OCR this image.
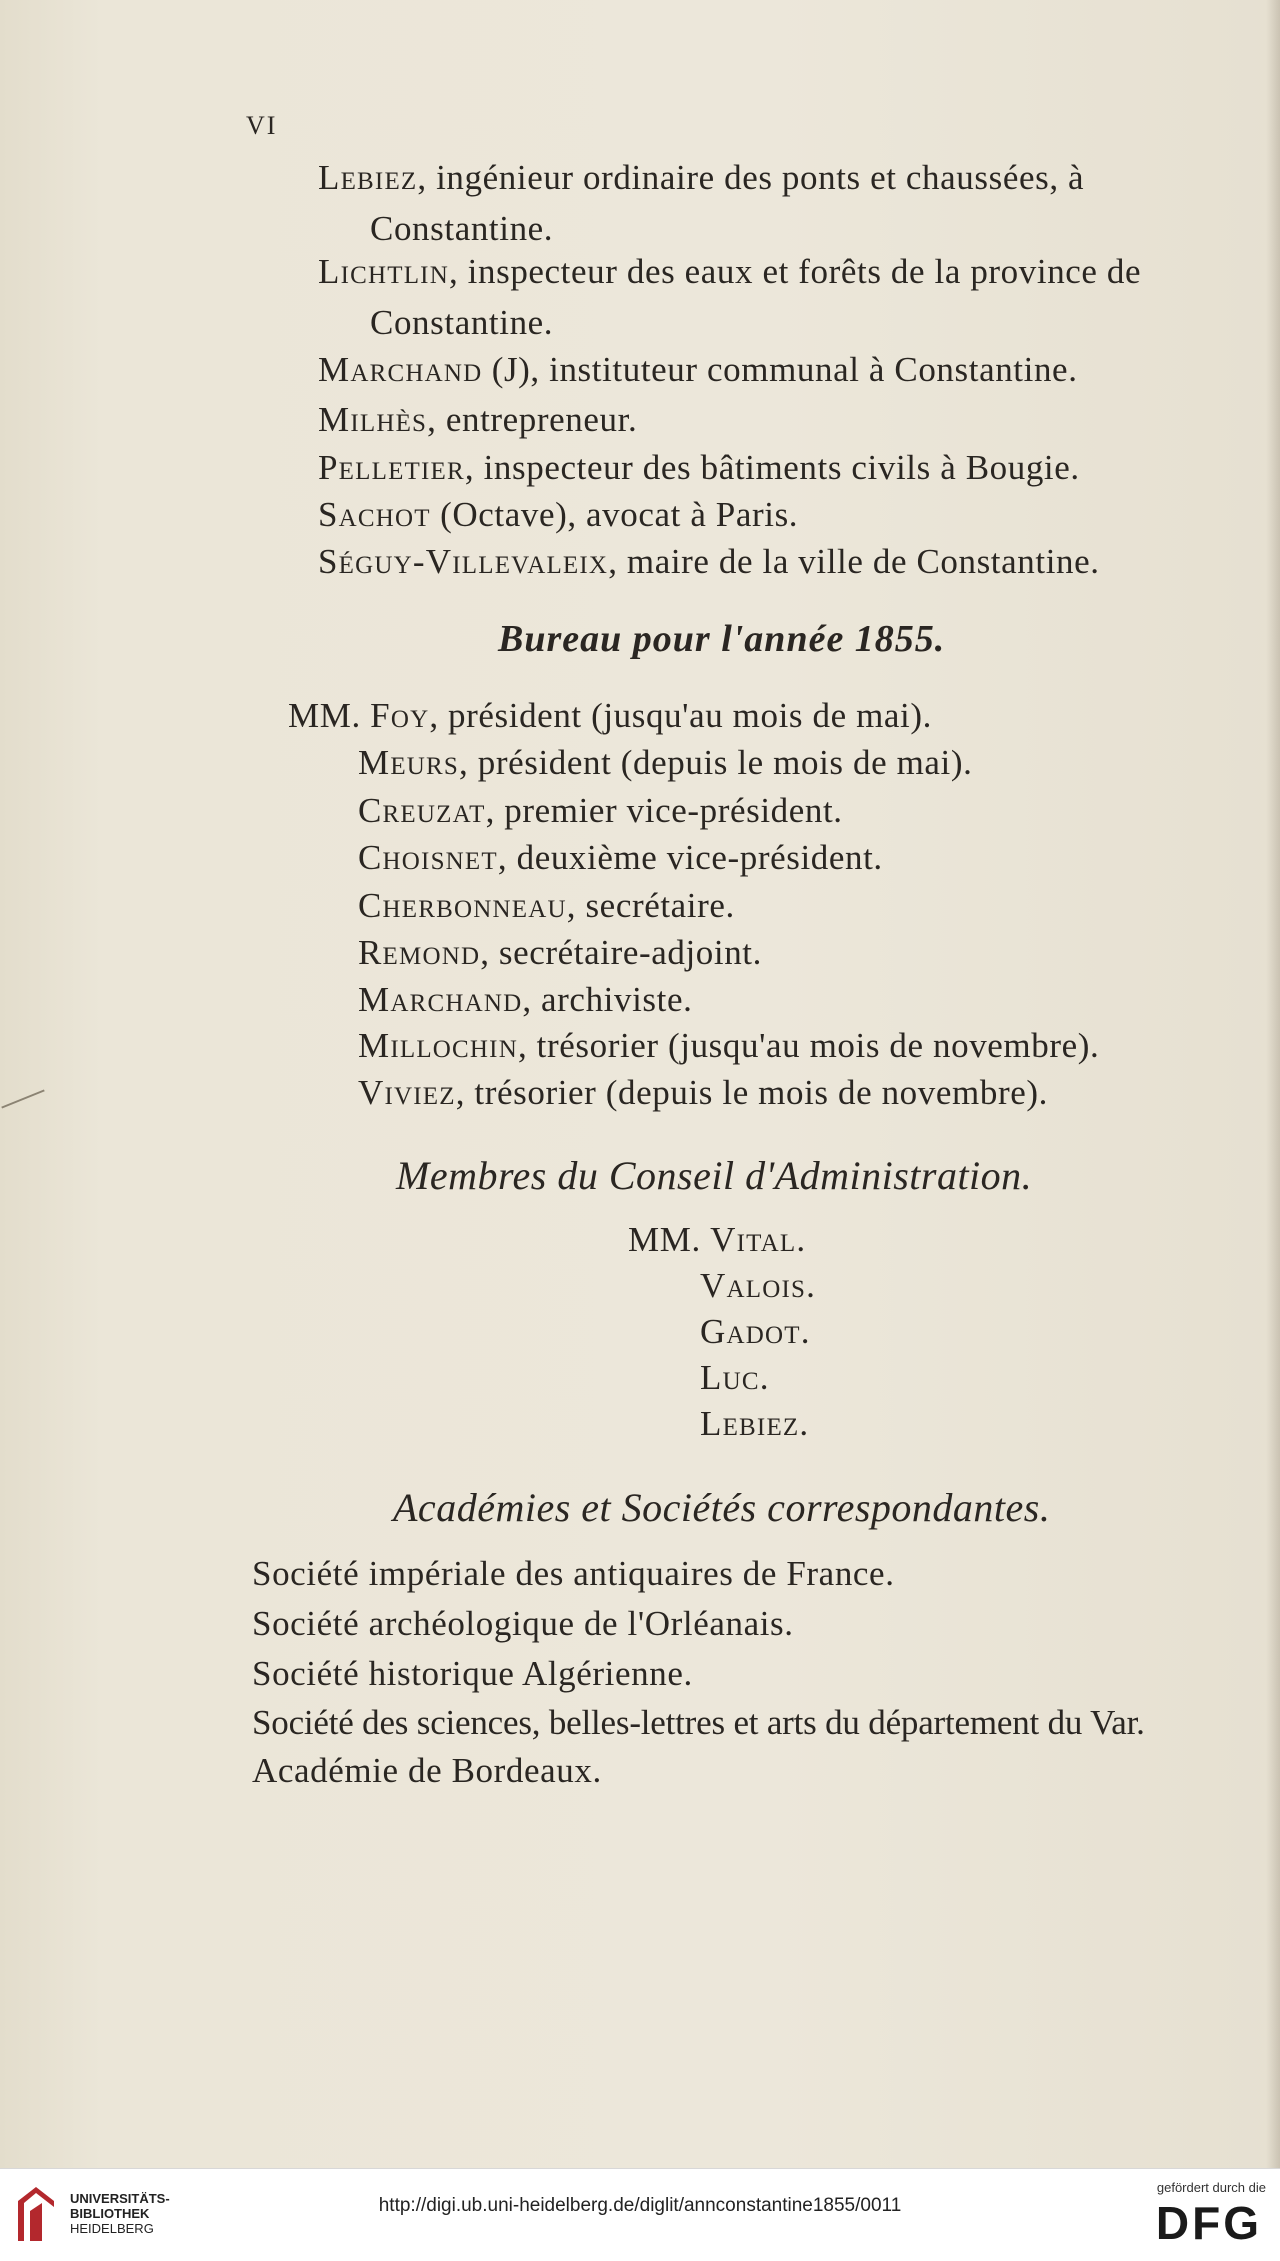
VI
Lebiez, ingénieur ordinaire des ponts et chaussées, à
Constantine.
Lichtlin, inspecteur des eaux et forêts de la province de
Constantine.
Marchand (J), instituteur communal à Constantine.
Milhès, entrepreneur.
Pelletier, inspecteur des bâtiments civils à Bougie.
Sachot (Octave), avocat à Paris.
Séguy-Villevaleix, maire de la ville de Constantine.
Bureau pour l'année 1855.
MM. Foy, président (jusqu'au mois de mai).
Meurs, président (depuis le mois de mai).
Creuzat, premier vice-président.
Choisnet, deuxième vice-président.
Cherbonneau, secrétaire.
Remond, secrétaire-adjoint.
Marchand, archiviste.
Millochin, trésorier (jusqu'au mois de novembre).
Viviez, trésorier (depuis le mois de novembre).
Membres du Conseil d'Administration.
MM. Vital.
Valois.
Gadot.
Luc.
Lebiez.
Académies et Sociétés correspondantes.
Société impériale des antiquaires de France.
Société archéologique de l'Orléanais.
Société historique Algérienne.
Société des sciences, belles-lettres et arts du département du Var.
Académie de Bordeaux.
UNIVERSITÄTS-
BIBLIOTHEK
HEIDELBERG
http://digi.ub.uni-heidelberg.de/diglit/annconstantine1855/0011
gefördert durch die
DFG
